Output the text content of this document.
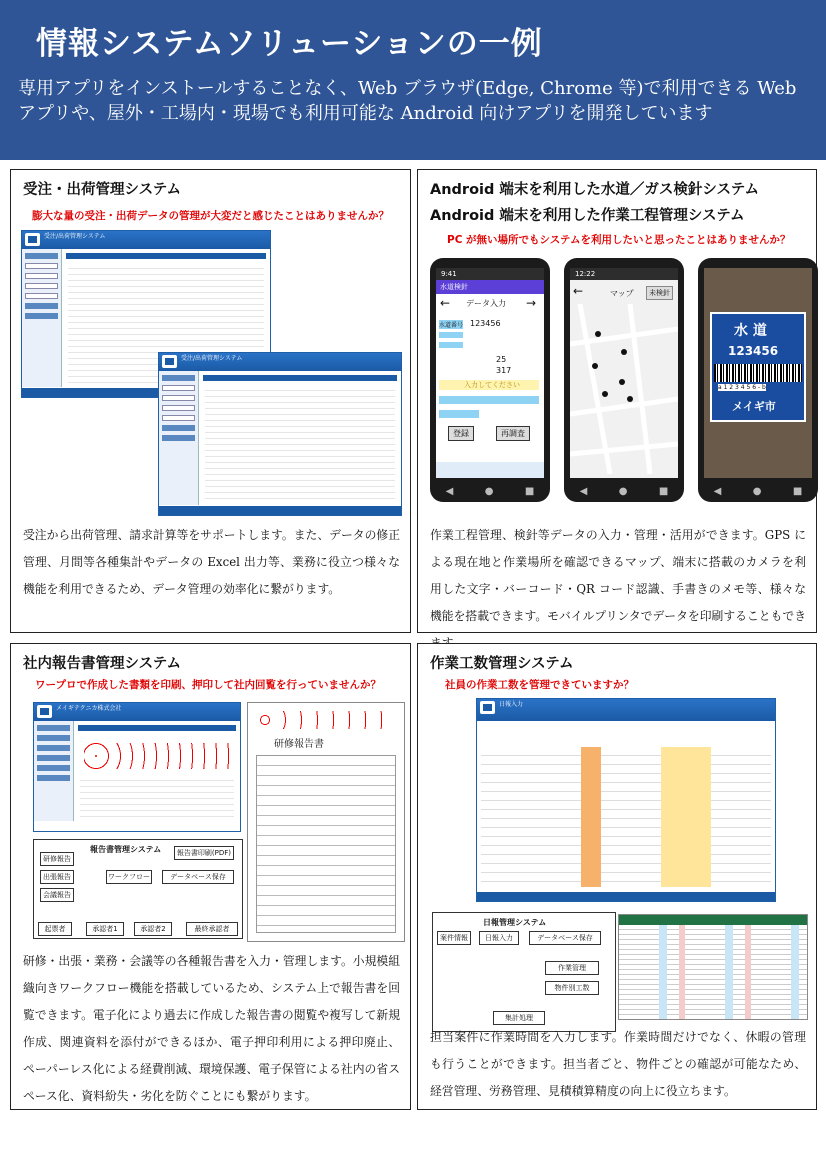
情報システムソリューションの一例
専用アプリをインストールすることなく、Web ブラウザ(Edge, Chrome 等)で利用できる Web アプリや、屋外・工場内・現場でも利用可能な Android 向けアプリを開発しています
受注・出荷管理システム
膨大な量の受注・出荷データの管理が大変だと感じたことはありませんか？
受注/出荷管理システム
受注/出荷管理システム
受注から出荷管理、請求計算等をサポートします。また、データの修正管理、月間等各種集計やデータの Excel 出力等、業務に役立つ様々な機能を利用できるため、データ管理の効率化に繋がります。
Android 端末を利用した水道／ガス検針システム
Android 端末を利用した作業工程管理システム
PC が無い場所でもシステムを利用したいと思ったことはありませんか？
9:41
水道検針
← データ入力 →
水道番号 123456
25
317
入力してください
登録	再調査
◀	●	■
12:22
←	マップ	未検針
◀	●	■
水 道
123456
a 1 2 3 4 5 6 - b
メイギ市
◀	●	■
作業工程管理、検針等データの入力・管理・活用ができます。GPS による現在地と作業場所を確認できるマップ、端末に搭載のカメラを利用した文字・バーコード・QR コード認識、手書きのメモ等、様々な機能を搭載できます。モバイルプリンタでデータを印刷することもでき
社内報告書管理システム
ワープロで作成した書類を印刷、押印して社内回覧を行っていませんか？
メイギテクニカ株式会社
研修報告書
報告書管理システム
研修報告
出張報告
会議報告
ワークフロー	データベース保存
報告書印刷(PDF)
起票者	承認者1	承認者2	最終承認者
研修・出張・業務・会議等の各種報告書を入力・管理します。小規模組織向きワークフロー機能を搭載しているため、システム上で報告書を回覧できます。電子化により過去に作成した報告書の閲覧や複写して新規作成、関連資料を添付ができるほか、電子押印利用による押印廃止、ペーパーレス化による経費削減、環境保護、電子保管による社内の省スペース化、資料紛失・劣化を防ぐことにも繋がります。
作業工数管理システム
社員の作業工数を管理できていますか？
日報入力
日報管理システム
案件情報	日報入力	データベース保存
作業管理
物件別工数
集計処理
担当案件に作業時間を入力します。作業時間だけでなく、休暇の管理も行うことができます。担当者ごと、物件ごとの確認が可能なため、経営管理、労務管理、見積積算精度の向上に役立ちます。
